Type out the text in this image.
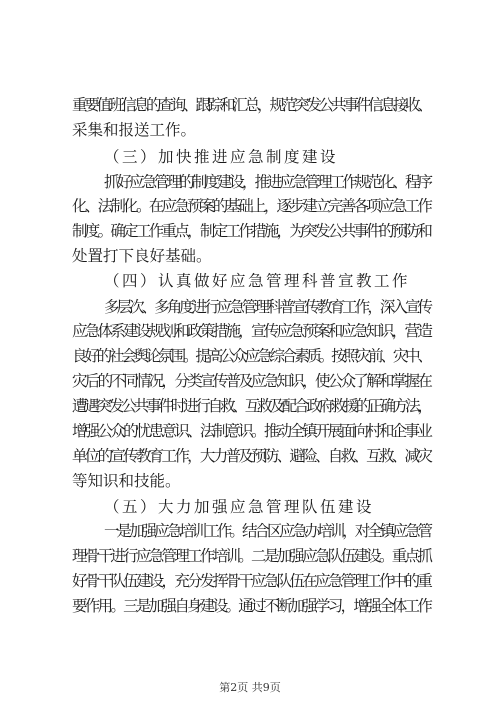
重要值班信息的查询、跟踪和汇总，规范突发公共事件信息接收、
采集和报送工作。
（三）加快推进应急制度建设
抓好应急管理的制度建设，推进应急管理工作规范化、程序
化、法制化。在应急预案的基础上，逐步建立完善各项应急工作
制度。确定工作重点，制定工作措施，为突发公共事件的预防和
处置打下良好基础。
（四）认真做好应急管理科普宣教工作
多层次、多角度进行应急管理科普宣传教育工作，深入宣传
应急体系建设规划和政策措施，宣传应急预案和应急知识，营造
良好的社会舆论氛围。提高公众应急综合素质。按照灾前、灾中、
灾后的不同情况，分类宣传普及应急知识，使公众了解和掌握在
遭遇突发公共事件时进行自救、互救及配合政府救援的正确方法，
增强公众的忧患意识、法制意识。推动全镇开展面向村和企事业
单位的宣传教育工作，大力普及预防、避险、自救、互救、减灾
等知识和技能。
（五）大力加强应急管理队伍建设
一是加强应急培训工作。结合区应急办培训，对全镇应急管
理骨干进行应急管理工作培训。二是加强应急队伍建设。重点抓
好骨干队伍建设，充分发挥骨干应急队伍在应急管理工作中的重
要作用。三是加强自身建设。通过不断加强学习，增强全体工作
第2页 共9页
